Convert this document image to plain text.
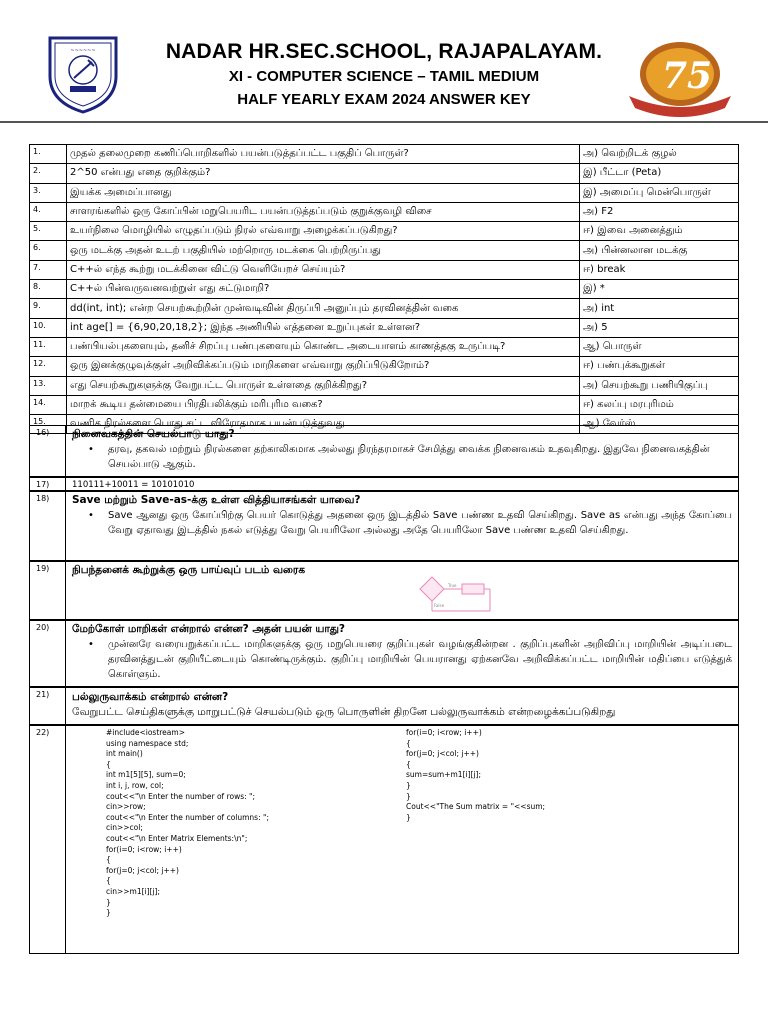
~~~~~~	NADAR HR.SEC.SCHOOL, RAJAPALAYAM.
XI - COMPUTER SCIENCE – TAMIL MEDIUM
HALF YEARLY EXAM 2024 ANSWER KEY
75
1.	முதல் தலைமுறை கணிப்பொறிகளில் பயன்படுத்தப்பட்ட பகுதிப் பொருள்?	அ) வெற்றிடக் குழல்
2.	2^50 என்பது எதை குறிக்கும்?	இ) பீட்டா (Peta)
3.	இயக்க அமைப்பானது	இ) அமைப்பு மென்பொருள்
4.	சாளரங்களில் ஒரு கோப்பின் மறுபெயரிட பயன்படுத்தப்படும் குறுக்குவழி விசை	அ) F2
5.	உயர்நிலை மொழியில் எழுதப்படும் நிரல் எவ்வாறு அழைக்கப்படுகிறது?	ஈ) இவை அனைத்தும்
6.	ஒரு மடக்கு அதன் உடற் பகுதியில் மற்றொரு மடக்கை பெற்றிருப்பது	அ) பின்னலான மடக்கு
7.	C++ல் எந்த கூற்று மடக்கினை விட்டு வெளியேறச் செய்யும்?	ஈ) break
8.	C++ல் பின்வருவனவற்றுள் எது சுட்டுமாறி?	இ) *
9.	dd(int, int); என்ற செயற்கூற்றின் முன்வடிவின் திருப்பி அனுப்பும் தரவினத்தின் வகை	அ) int
10.	int age[] = {6,90,20,18,2}; இந்த அணியில் எத்தனை உறுப்புகள் உள்ளன?	அ) 5
11.	பண்பியல்புகளையும், தனிச் சிறப்பு பண்புகளையும் கொண்ட அடையாளம் காணத்தகு உருப்படி?	ஆ) பொருள்
12.	ஒரு இனக்குழுவுக்குள் அறிவிக்கப்படும் மாறிகளை எவ்வாறு குறிப்பிடுகிறோம்?	ஈ) பண்புக்கூறுகள்
13.	எது செயற்கூறுகளுக்கு வேறுபட்ட பொருள் உள்ளதை குறிக்கிறது?	அ) செயற்கூறு பணியிகுப்பு
14.	மாறக் கூடிய தன்மையை பிரதிபலிக்கும் மரிபுரிம வகை?	ஈ) கலப்பு மரபுரிமம்
15.	வணிக நிரல்களை பொது சட்ட விரோதமாக பயன்படுத்துவது	ஆ) வேர்ஸ்
16)	நினைவகத்தின் செயல்பாடு யாது?
• தரவு, தகவல் மற்றும் நிரல்களை தற்காலிகமாக அல்லது நிரந்தரமாகச் சேமித்து வைக்க நினைவகம் உதவுகிறது. இதுவே நினைவகத்தின் செயல்பாடு ஆகும்.
17)	110111+10011 = 10101010
18)	Save மற்றும் Save-as-க்கு உள்ள வித்தியாசங்கள் யாவை?
• Save ஆனது ஒரு கோப்பிற்கு பெயர் கொடுத்து அதனை ஒரு இடத்தில் Save பண்ண உதவி செய்கிறது. Save as என்பது அந்த கோப்பை வேறு ஏதாவது இடத்தில் நகல் எடுத்து வேறு பெயரிலோ அல்லது அதே பெயரிலோ Save பண்ண உதவி செய்கிறது.
19)	நிபந்தனைக் கூற்றுக்கு ஒரு பாய்வுப் படம் வரைக
True
False
20)	மேற்கோள் மாறிகள் என்றால் என்ன? அதன் பயன் யாது?
• முன்னரே வரையறுக்கப்பட்ட மாறிகளுக்கு ஒரு மறுபெயரை குறிப்புகள் வழங்குகின்றன . குறிப்புகளின் அறிவிப்பு மாறியின் அடிப்படை தரவினத்துடன் குறியீட்டையும் கொண்டிருக்கும். குறிப்பு மாறியின் பெயரானது ஏற்கனவே அறிவிக்கப்பட்ட மாறியின் மதிப்பை எடுத்துக் கொள்ளும்.
21)	பல்லுருவாக்கம் என்றால் என்ன?
வேறுபட்ட செய்திகளுக்கு மாறுபட்டுச் செயல்படும் ஒரு பொருளின் திறனே பல்லுருவாக்கம் என்றழைக்கப்படுகிறது
22)	#include<iostream>
using namespace std;
int main()
{
int m1[5][5], sum=0;
int i, j, row, col;
cout<<"\n Enter the number of rows: ";
cin>>row;
cout<<"\n Enter the number of columns: ";
cin>>col;
cout<<"\n Enter Matrix Elements:\n";
for(i=0; i<row; i++)
{
for(j=0; j<col; j++)
{
cin>>m1[i][j];
}
}
for(i=0; i<row; i++)
{
for(j=0; j<col; j++)
{
sum=sum+m1[i][j];
}
}
Cout<<"The Sum matrix = "<<sum;
}
